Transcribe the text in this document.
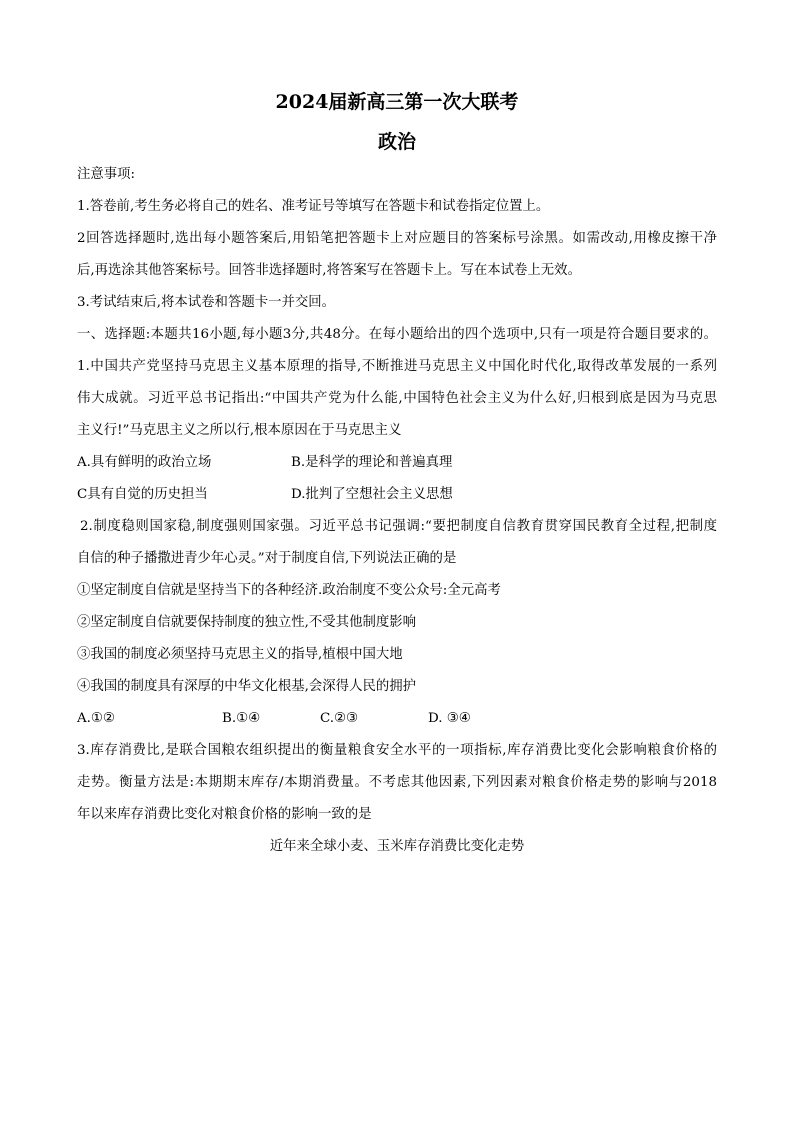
2024届新高三第一次大联考
政治
注意事项:
1.答卷前,考生务必将自己的姓名、准考证号等填写在答题卡和试卷指定位置上。
2回答选择题时,选出每小题答案后,用铅笔把答题卡上对应题目的答案标号涂黑。如需改动,用橡皮擦干净
后,再选涂其他答案标号。回答非选择题时,将答案写在答题卡上。写在本试卷上无效。
3.考试结束后,将本试卷和答题卡一并交回。
一、选择题:本题共16小题,每小题3分,共48分。在每小题给出的四个选项中,只有一项是符合题目要求的。
1.中国共产党坚持马克思主义基本原理的指导,不断推进马克思主义中国化时代化,取得改革发展的一系列
伟大成就。习近平总书记指出:“中国共产党为什么能,中国特色社会主义为什么好,归根到底是因为马克思
主义行!”马克思主义之所以行,根本原因在于马克思主义
A.具有鲜明的政治立场	B.是科学的理论和普遍真理
C具有自觉的历史担当	D.批判了空想社会主义思想
2.制度稳则国家稳,制度强则国家强。习近平总书记强调:“要把制度自信教育贯穿国民教育全过程,把制度
自信的种子播撒进青少年心灵。”对于制度自信,下列说法正确的是
①坚定制度自信就是坚持当下的各种经济.政治制度不变公众号:全元高考
②坚定制度自信就要保持制度的独立性,不受其他制度影响
③我国的制度必须坚持马克思主义的指导,植根中国大地
④我国的制度具有深厚的中华文化根基,会深得人民的拥护
A.①②	B.①④	C.②③	D. ③④
3.库存消费比,是联合国粮农组织提出的衡量粮食安全水平的一项指标,库存消费比变化会影响粮食价格的
走势。衡量方法是:本期期末库存/本期消费量。不考虑其他因素,下列因素对粮食价格走势的影响与2018
年以来库存消费比变化对粮食价格的影响一致的是
近年来全球小麦、玉米库存消费比变化走势
